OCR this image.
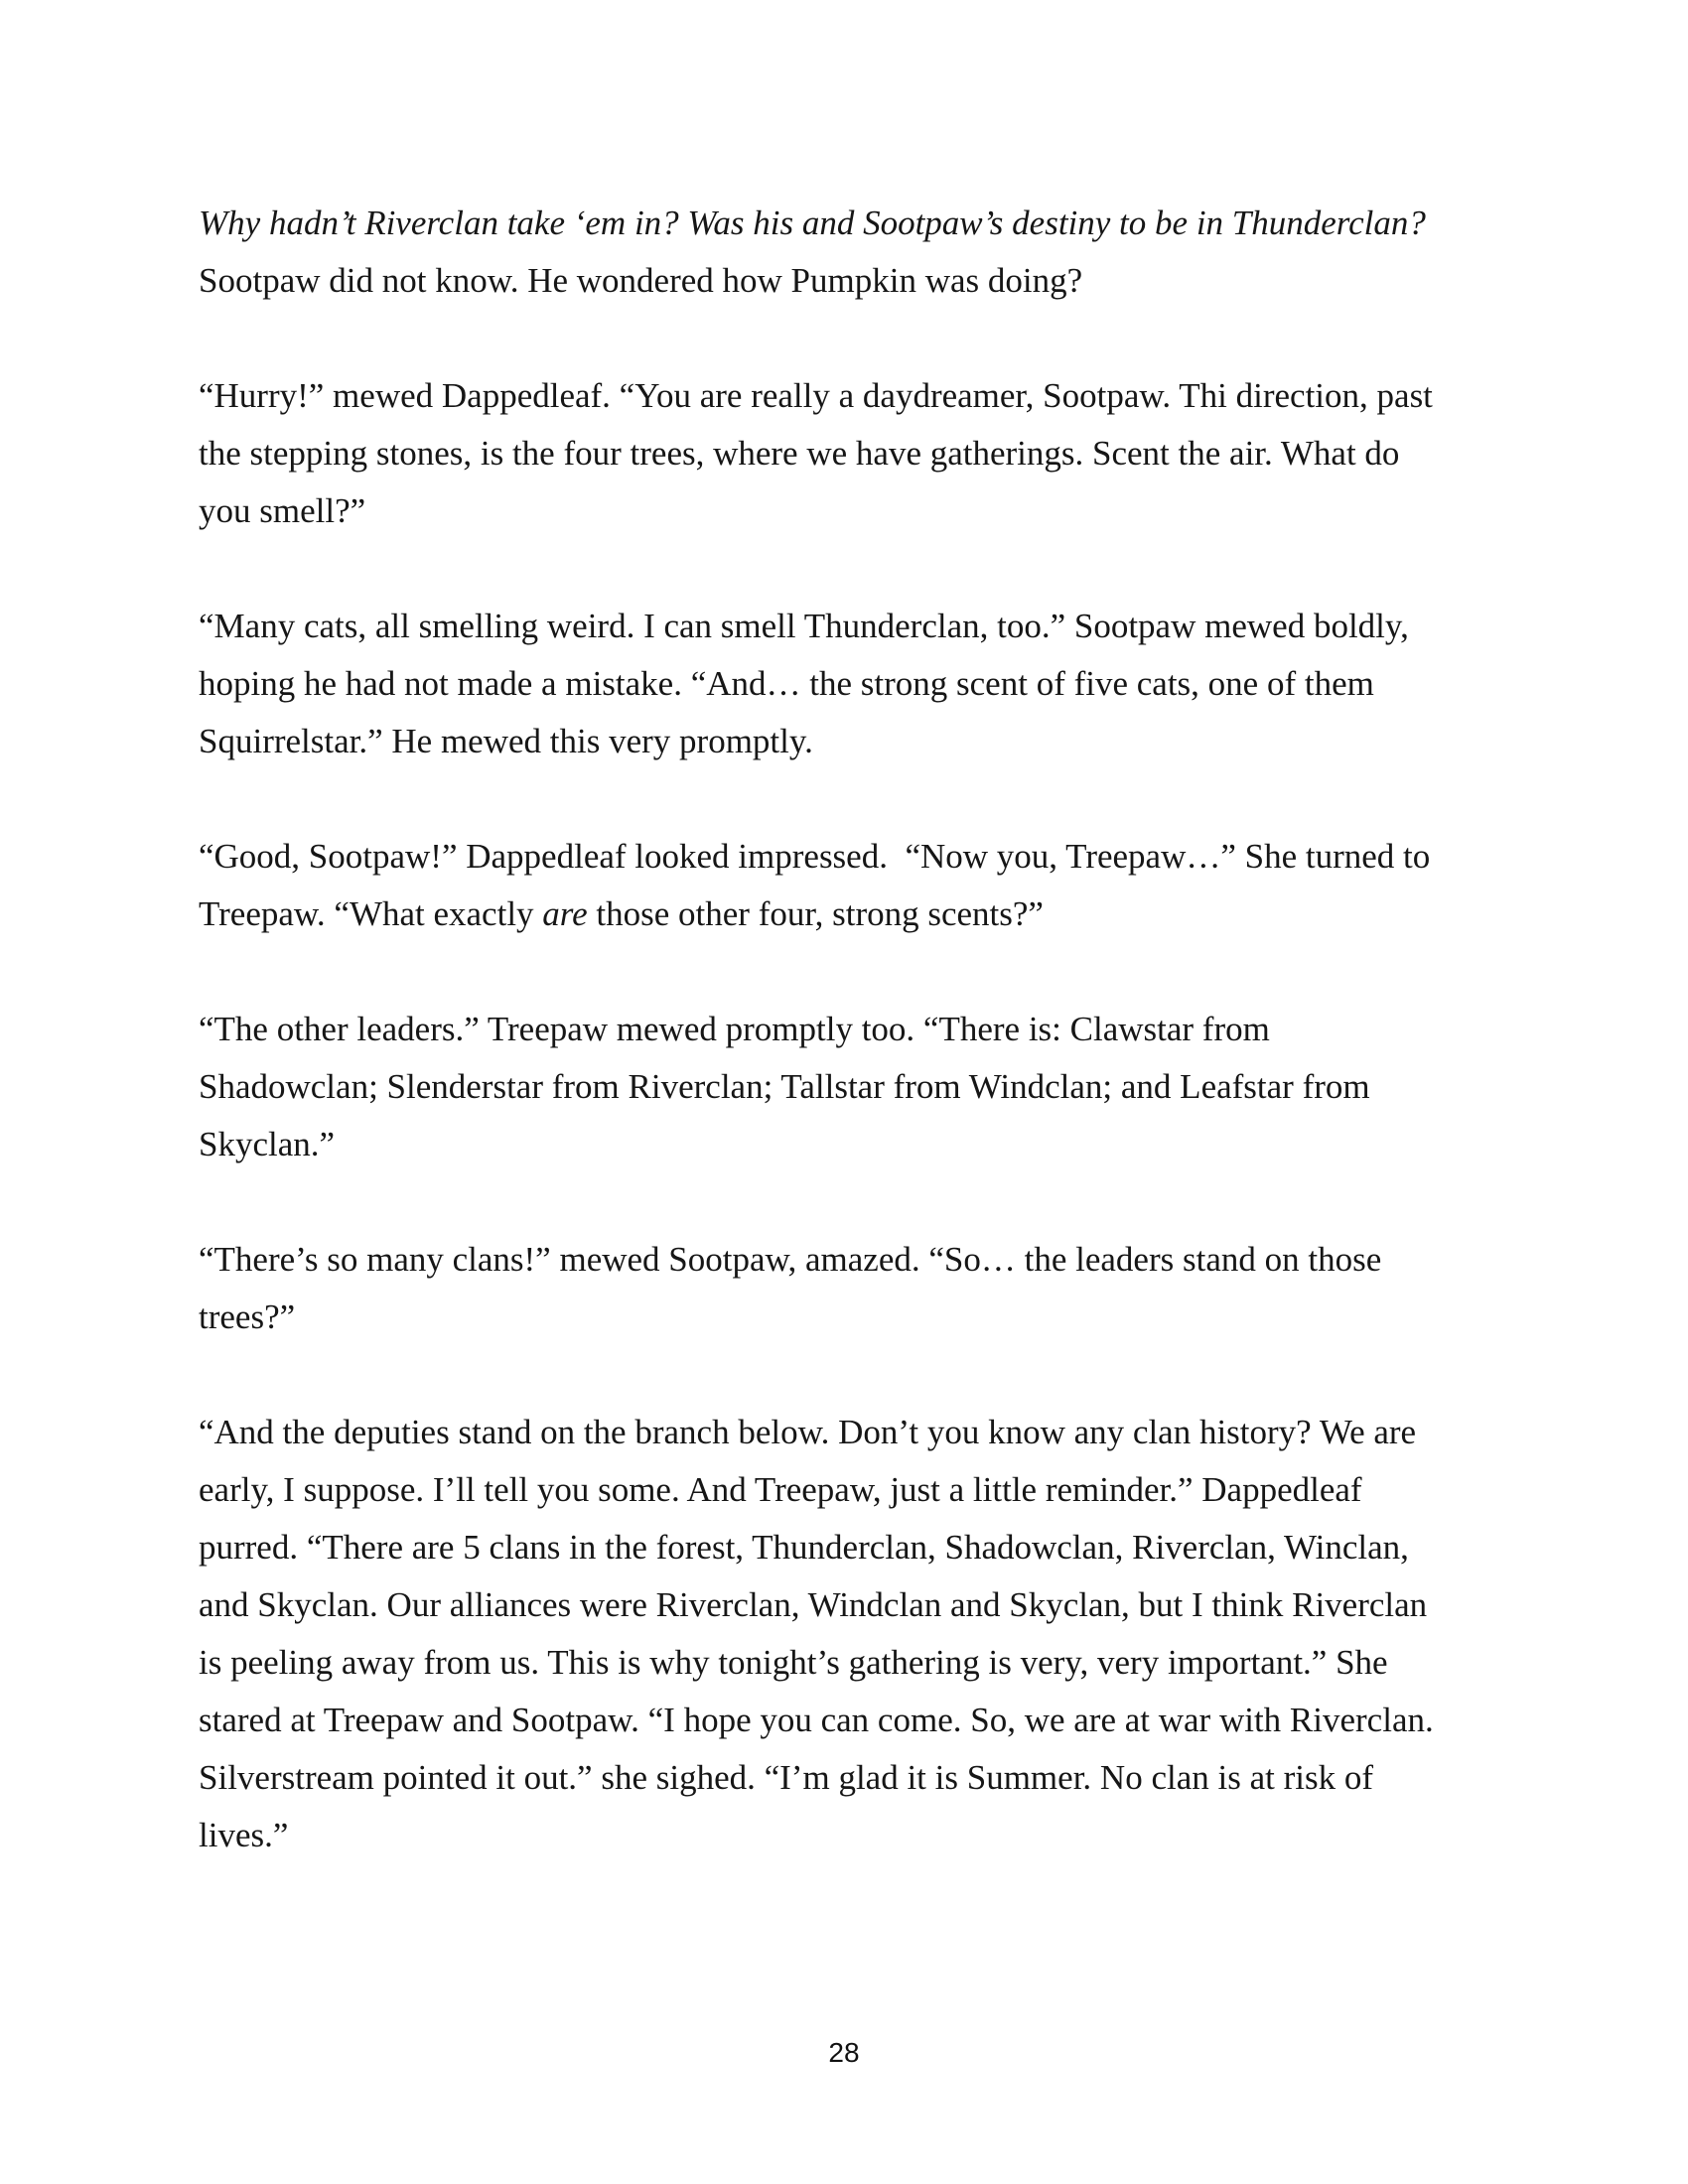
Why hadn’t Riverclan take ‘em in? Was his and Sootpaw’s destiny to be in Thunderclan?
Sootpaw did not know. He wondered how Pumpkin was doing?

“Hurry!” mewed Dappedleaf. “You are really a daydreamer, Sootpaw. Thi direction, past
the stepping stones, is the four trees, where we have gatherings. Scent the air. What do
you smell?”

“Many cats, all smelling weird. I can smell Thunderclan, too.” Sootpaw mewed boldly,
hoping he had not made a mistake. “And… the strong scent of five cats, one of them
Squirrelstar.” He mewed this very promptly.

“Good, Sootpaw!” Dappedleaf looked impressed.  “Now you, Treepaw…” She turned to
Treepaw. “What exactly are those other four, strong scents?”

“The other leaders.” Treepaw mewed promptly too. “There is: Clawstar from
Shadowclan; Slenderstar from Riverclan; Tallstar from Windclan; and Leafstar from
Skyclan.”

“There’s so many clans!” mewed Sootpaw, amazed. “So… the leaders stand on those
trees?”

“And the deputies stand on the branch below. Don’t you know any clan history? We are
early, I suppose. I’ll tell you some. And Treepaw, just a little reminder.” Dappedleaf
purred. “There are 5 clans in the forest, Thunderclan, Shadowclan, Riverclan, Winclan,
and Skyclan. Our alliances were Riverclan, Windclan and Skyclan, but I think Riverclan
is peeling away from us. This is why tonight’s gathering is very, very important.” She
stared at Treepaw and Sootpaw. “I hope you can come. So, we are at war with Riverclan.
Silverstream pointed it out.” she sighed. “I’m glad it is Summer. No clan is at risk of
lives.”

28
